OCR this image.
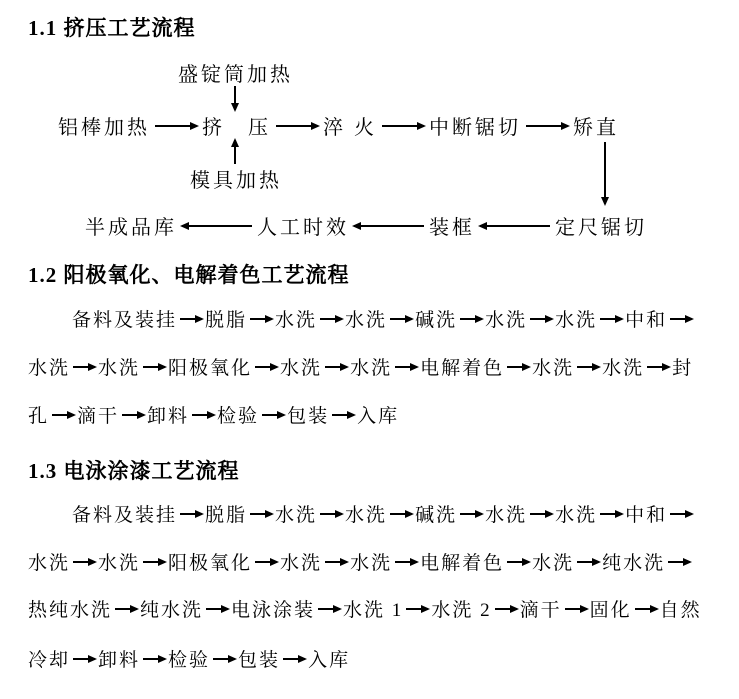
1.1 挤压工艺流程
盛锭筒加热
铝棒加热	挤　压	淬 火	中断锯切	矫直
模具加热
半成品库	人工时效	装框	定尺锯切
1.2 阳极氧化、电解着色工艺流程
备料及装挂 脱脂 水洗 水洗 碱洗 水洗 水洗 中和
水洗 水洗 阳极氧化 水洗 水洗 电解着色 水洗 水洗 封
孔 滴干 卸料 检验 包装 入库
1.3 电泳涂漆工艺流程
备料及装挂 脱脂 水洗 水洗 碱洗 水洗 水洗 中和
水洗 水洗 阳极氧化 水洗 水洗 电解着色 水洗 纯水洗
热纯水洗 纯水洗 电泳涂装 水洗 1 水洗 2 滴干 固化 自然
冷却 卸料 检验 包装 入库
